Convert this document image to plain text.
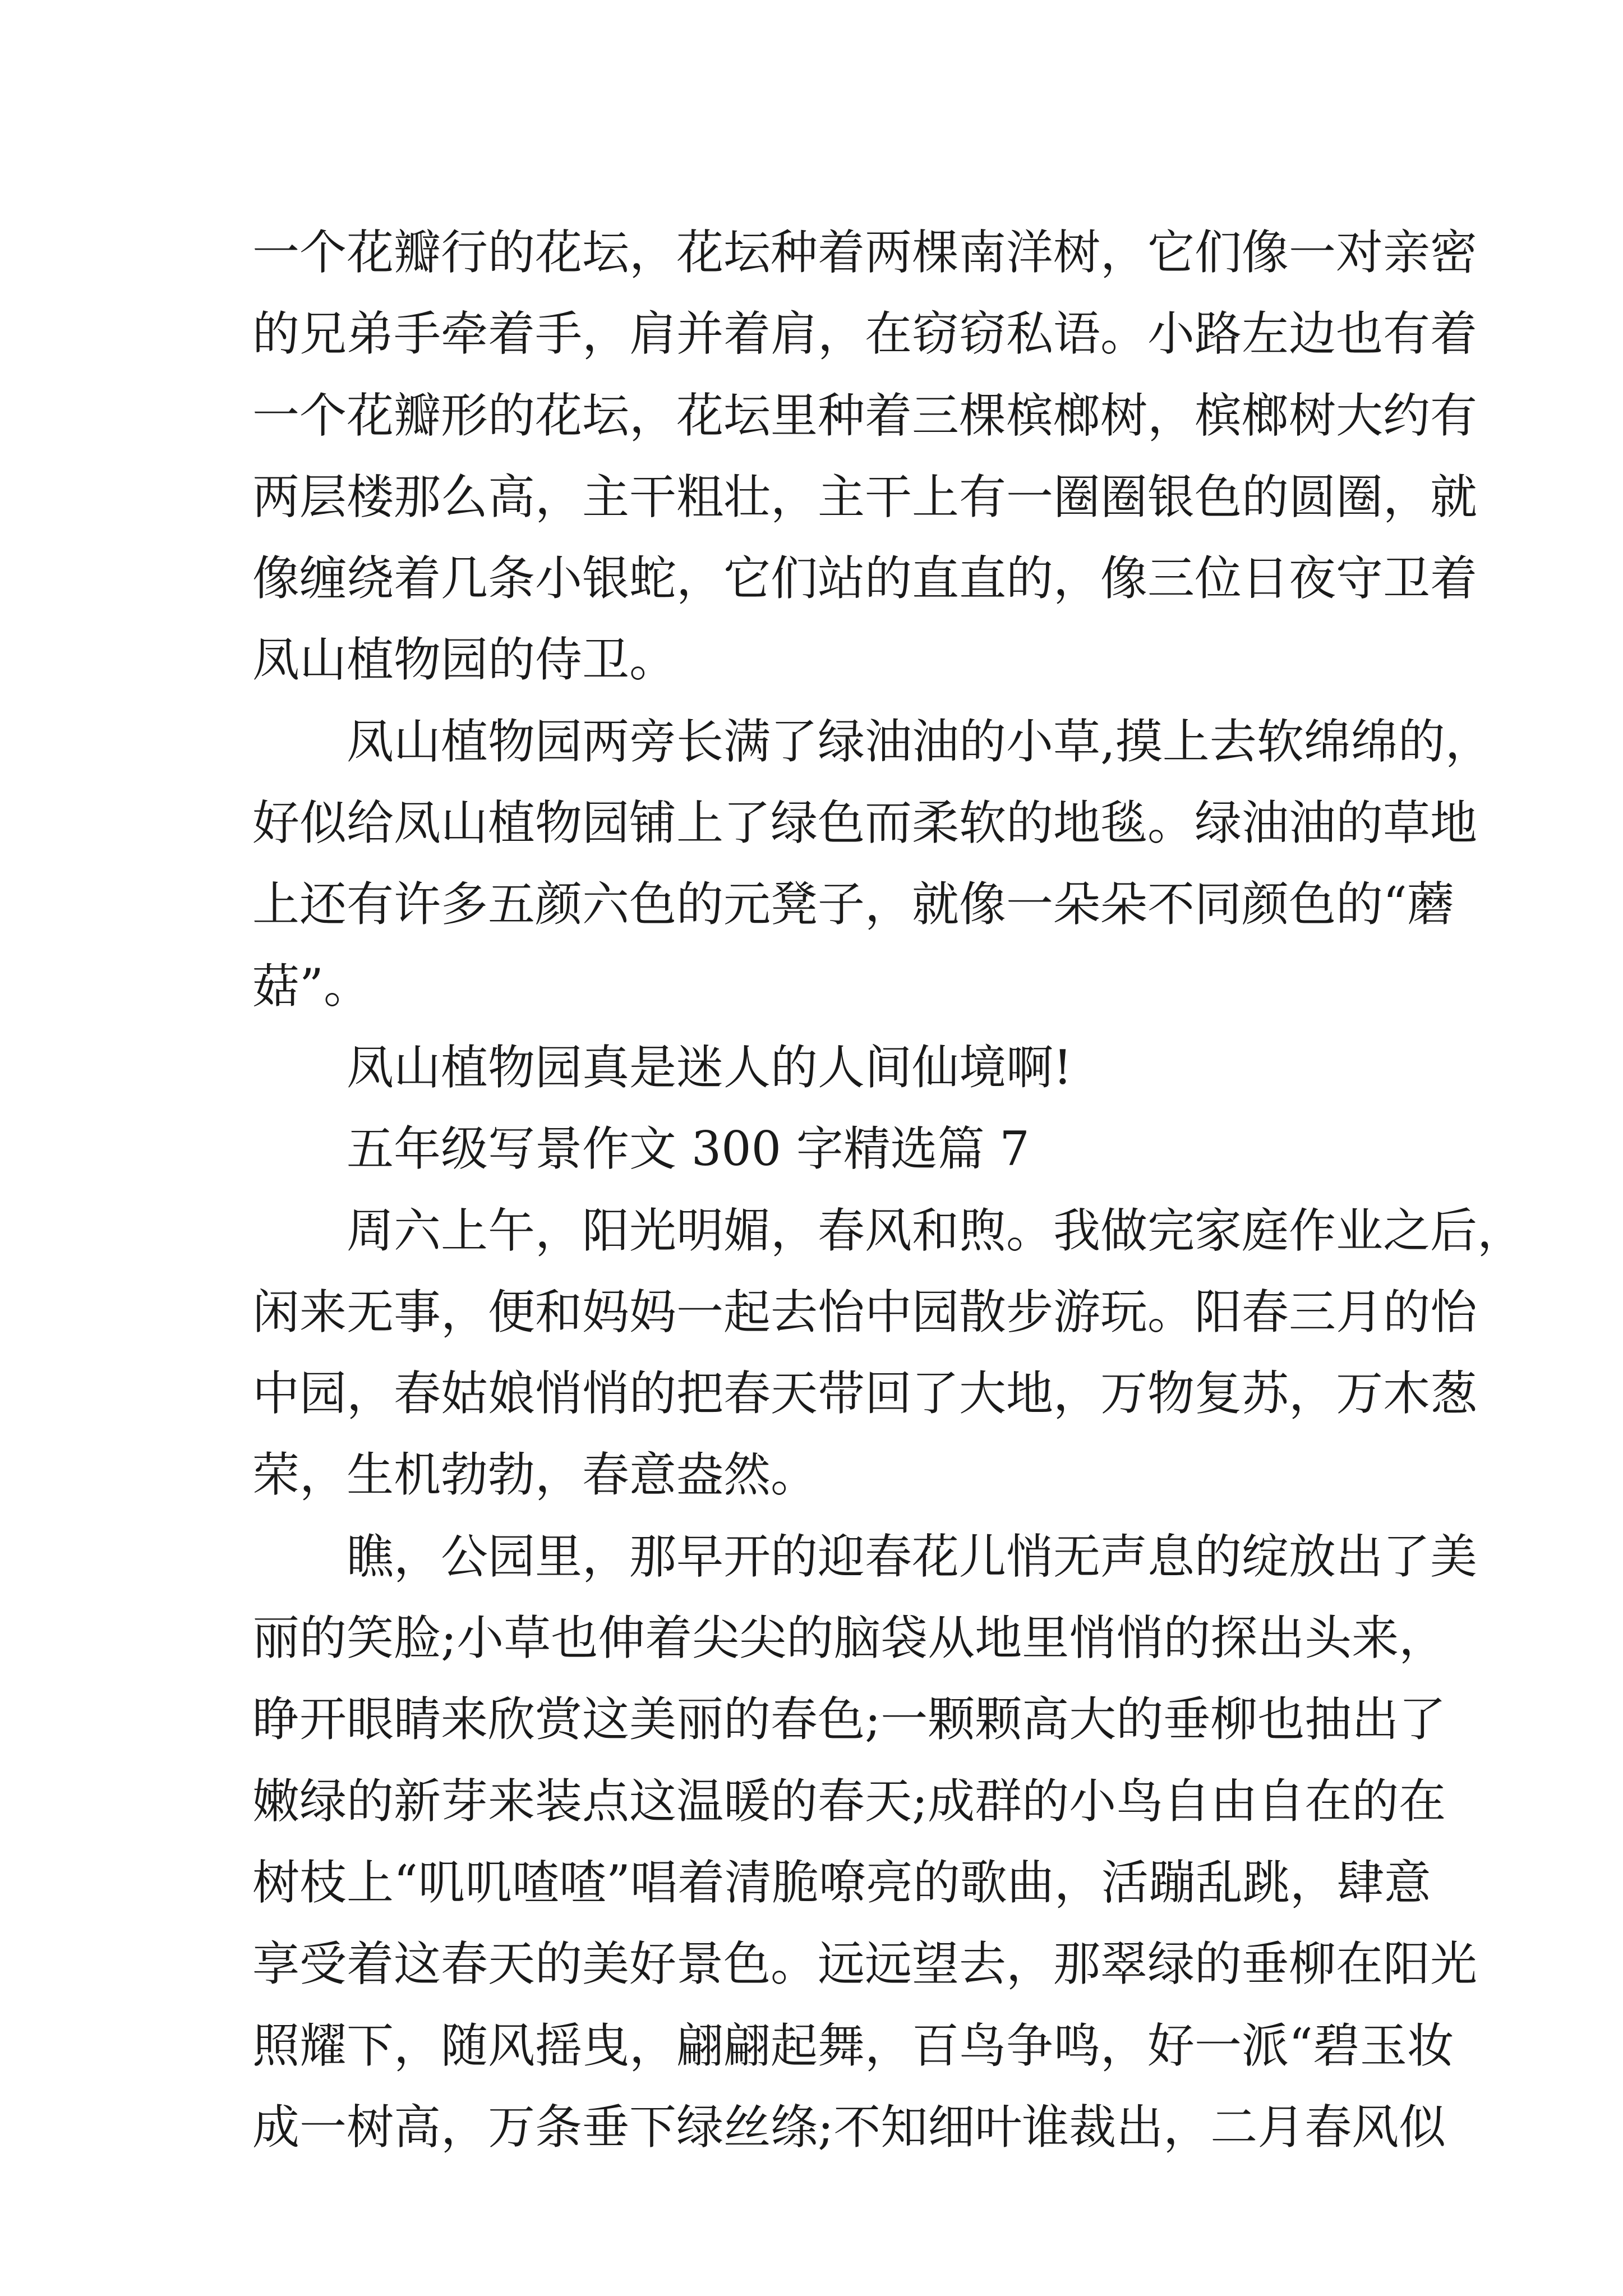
一个花瓣行的花坛，花坛种着两棵南洋树，它们像一对亲密
的兄弟手牵着手，肩并着肩，在窃窃私语。小路左边也有着
一个花瓣形的花坛，花坛里种着三棵槟榔树，槟榔树大约有
两层楼那么高，主干粗壮，主干上有一圈圈银色的圆圈，就
像缠绕着几条小银蛇，它们站的直直的，像三位日夜守卫着
凤山植物园的侍卫。
凤山植物园两旁长满了绿油油的小草,摸上去软绵绵的，
好似给凤山植物园铺上了绿色而柔软的地毯。绿油油的草地
上还有许多五颜六色的元凳子，就像一朵朵不同颜色的“蘑
菇”。
凤山植物园真是迷人的人间仙境啊!
五年级写景作文 300 字精选篇 7
周六上午，阳光明媚，春风和煦。我做完家庭作业之后，
闲来无事，便和妈妈一起去怡中园散步游玩。阳春三月的怡
中园，春姑娘悄悄的把春天带回了大地，万物复苏，万木葱
荣，生机勃勃，春意盎然。
瞧，公园里，那早开的迎春花儿悄无声息的绽放出了美
丽的笑脸;小草也伸着尖尖的脑袋从地里悄悄的探出头来，
睁开眼睛来欣赏这美丽的春色;一颗颗高大的垂柳也抽出了
嫩绿的新芽来装点这温暖的春天;成群的小鸟自由自在的在
树枝上“叽叽喳喳”唱着清脆嘹亮的歌曲，活蹦乱跳，肆意
享受着这春天的美好景色。远远望去，那翠绿的垂柳在阳光
照耀下，随风摇曳，翩翩起舞，百鸟争鸣，好一派“碧玉妆
成一树高，万条垂下绿丝绦;不知细叶谁裁出，二月春风似
